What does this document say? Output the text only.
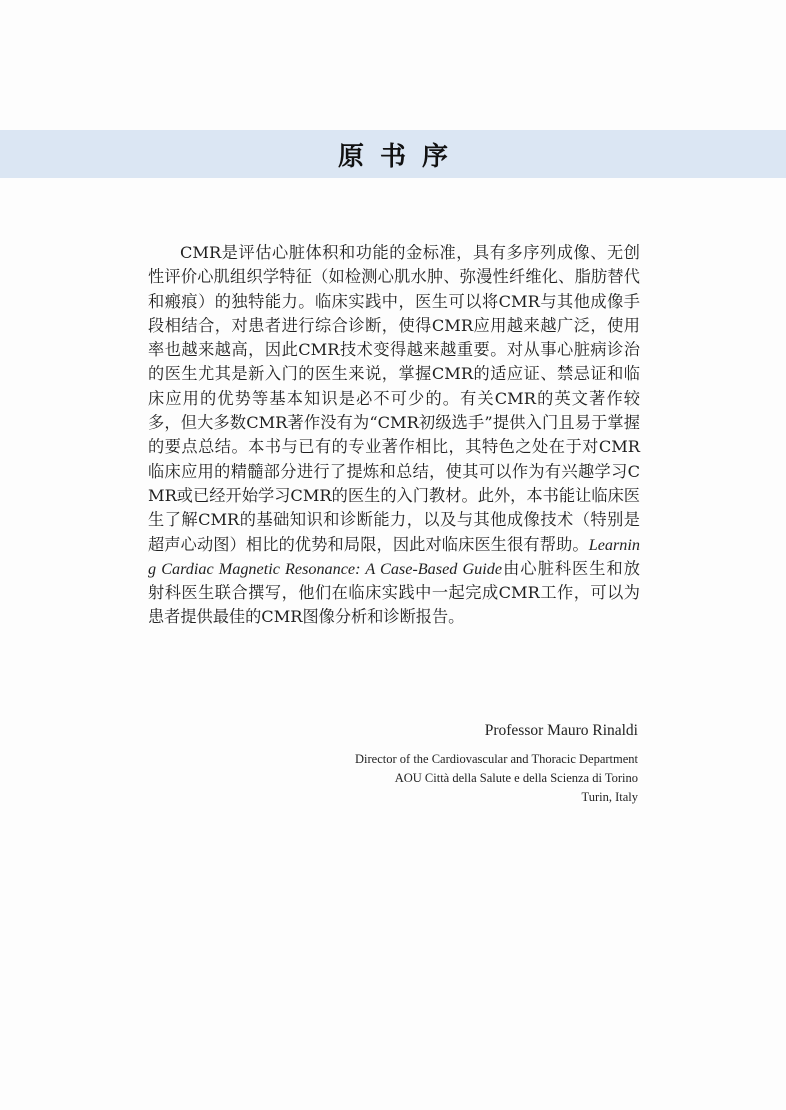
原书序

CMR是评估心脏体积和功能的金标准，具有多序列成像、无创性评价心肌组织学特征（如检测心肌水肿、弥漫性纤维化、脂肪替代和瘢痕）的独特能力。临床实践中，医生可以将CMR与其他成像手段相结合，对患者进行综合诊断，使得CMR应用越来越广泛，使用率也越来越高，因此CMR技术变得越来越重要。对从事心脏病诊治的医生尤其是新入门的医生来说，掌握CMR的适应证、禁忌证和临床应用的优势等基本知识是必不可少的。有关CMR的英文著作较多，但大多数CMR著作没有为“CMR初级选手”提供入门且易于掌握的要点总结。本书与已有的专业著作相比，其特色之处在于对CMR临床应用的精髓部分进行了提炼和总结，使其可以作为有兴趣学习CMR或已经开始学习CMR的医生的入门教材。此外，本书能让临床医生了解CMR的基础知识和诊断能力，以及与其他成像技术（特别是超声心动图）相比的优势和局限，因此对临床医生很有帮助。Learning Cardiac Magnetic Resonance: A Case-Based Guide由心脏科医生和放射科医生联合撰写，他们在临床实践中一起完成CMR工作，可以为患者提供最佳的CMR图像分析和诊断报告。

Professor Mauro Rinaldi
Director of the Cardiovascular and Thoracic Department
AOU Città della Salute e della Scienza di Torino
Turin, Italy
